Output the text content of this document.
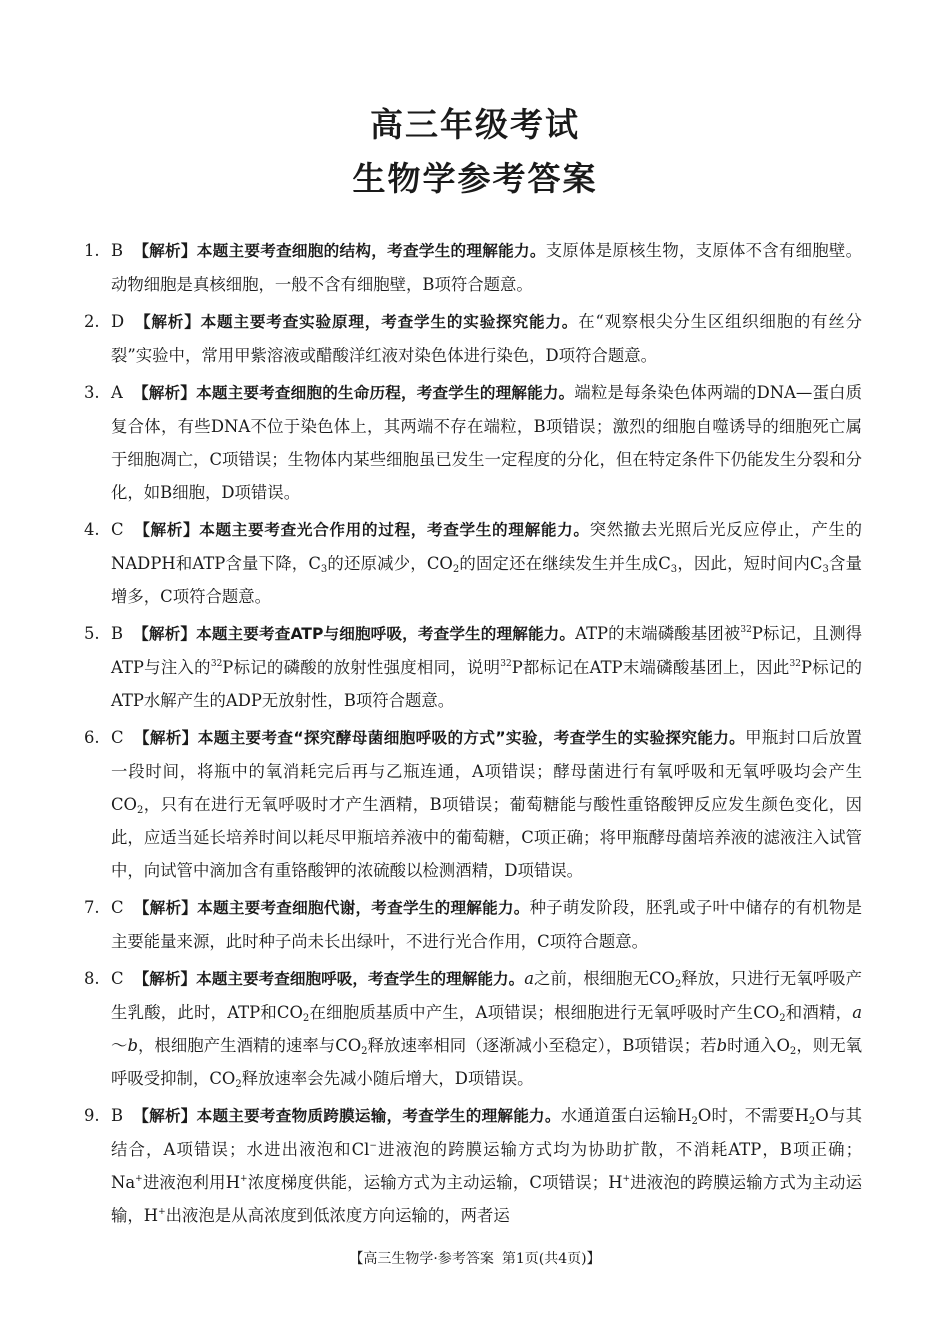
高三年级考试
生物学参考答案

1. B 【解析】本题主要考查细胞的结构，考查学生的理解能力。支原体是原核生物，支原体不含有细胞壁。动物细胞是真核细胞，一般不含有细胞壁，B项符合题意。

2. D 【解析】本题主要考查实验原理，考查学生的实验探究能力。在“观察根尖分生区组织细胞的有丝分裂”实验中，常用甲紫溶液或醋酸洋红液对染色体进行染色，D项符合题意。

3. A 【解析】本题主要考查细胞的生命历程，考查学生的理解能力。端粒是每条染色体两端的DNA—蛋白质复合体，有些DNA不位于染色体上，其两端不存在端粒，B项错误；激烈的细胞自噬诱导的细胞死亡属于细胞凋亡，C项错误；生物体内某些细胞虽已发生一定程度的分化，但在特定条件下仍能发生分裂和分化，如B细胞，D项错误。

4. C 【解析】本题主要考查光合作用的过程，考查学生的理解能力。突然撤去光照后光反应停止，产生的NADPH和ATP含量下降，$C_3$的还原减少，$CO_2$的固定还在继续发生并生成$C_3$，因此，短时间内$C_3$含量增多，C项符合题意。

5. B 【解析】本题主要考查ATP与细胞呼吸，考查学生的理解能力。ATP的末端磷酸基团被$^{32}$P标记，且测得ATP与注入的$^{32}$P标记的磷酸的放射性强度相同，说明$^{32}$P都标记在ATP末端磷酸基团上，因此$^{32}$P标记的ATP水解产生的ADP无放射性，B项符合题意。

6. C 【解析】本题主要考查“探究酵母菌细胞呼吸的方式”实验，考查学生的实验探究能力。甲瓶封口后放置一段时间，将瓶中的氧消耗完后再与乙瓶连通，A项错误；酵母菌进行有氧呼吸和无氧呼吸均会产生$CO_2$，只有在进行无氧呼吸时才产生酒精，B项错误；葡萄糖能与酸性重铬酸钾反应发生颜色变化，因此，应适当延长培养时间以耗尽甲瓶培养液中的葡萄糖，C项正确；将甲瓶酵母菌培养液的滤液注入试管中，向试管中滴加含有重铬酸钾的浓硫酸以检测酒精，D项错误。

7. C 【解析】本题主要考查细胞代谢，考查学生的理解能力。种子萌发阶段，胚乳或子叶中储存的有机物是主要能量来源，此时种子尚未长出绿叶，不进行光合作用，C项符合题意。

8. C 【解析】本题主要考查细胞呼吸，考查学生的理解能力。a之前，根细胞无$CO_2$释放，只进行无氧呼吸产生乳酸，此时，ATP和$CO_2$在细胞质基质中产生，A项错误；根细胞进行无氧呼吸时产生$CO_2$和酒精，a～b，根细胞产生酒精的速率与$CO_2$释放速率相同（逐渐减小至稳定），B项错误；若b时通入$O_2$，则无氧呼吸受抑制，$CO_2$释放速率会先减小随后增大，D项错误。

9. B 【解析】本题主要考查物质跨膜运输，考查学生的理解能力。水通道蛋白运输$H_2O$时，不需要$H_2O$与其结合，A项错误；水进出液泡和Cl−进液泡的跨膜运输方式均为协助扩散，不消耗ATP，B项正确；Na+进液泡利用H+浓度梯度供能，运输方式为主动运输，C项错误；H+进液泡的跨膜运输方式为主动运输，H+出液泡是从高浓度到低浓度方向运输的，两者运

【高三生物学·参考答案 第1页(共4页)】
